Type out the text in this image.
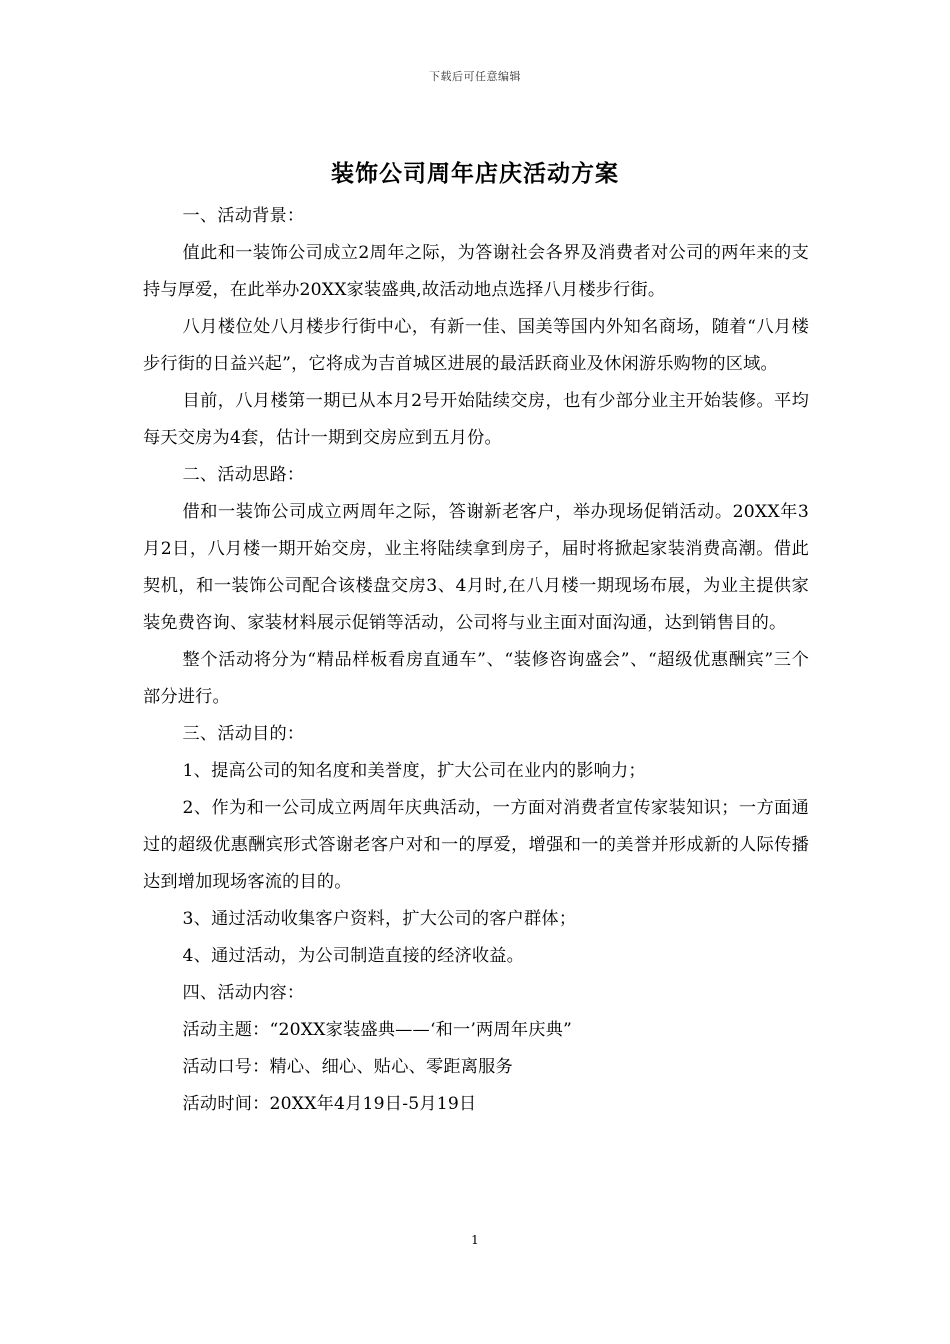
下载后可任意编辑
装饰公司周年店庆活动方案

一、活动背景：

值此和一装饰公司成立2周年之际，为答谢社会各界及消费者对公司的两年来的支持与厚爱，在此举办20XX家装盛典,故活动地点选择八月楼步行街。

八月楼位处八月楼步行街中心，有新一佳、国美等国内外知名商场，随着“八月楼步行街的日益兴起”，它将成为吉首城区进展的最活跃商业及休闲游乐购物的区域。

目前，八月楼第一期已从本月2号开始陆续交房，也有少部分业主开始装修。平均每天交房为4套，估计一期到交房应到五月份。

二、活动思路：

借和一装饰公司成立两周年之际，答谢新老客户，举办现场促销活动。20XX年3月2日，八月楼一期开始交房，业主将陆续拿到房子，届时将掀起家装消费高潮。借此契机，和一装饰公司配合该楼盘交房3、4月时,在八月楼一期现场布展，为业主提供家装免费咨询、家装材料展示促销等活动，公司将与业主面对面沟通，达到销售目的。

整个活动将分为“精品样板看房直通车”、“装修咨询盛会”、“超级优惠酬宾”三个部分进行。

三、活动目的：

1、提高公司的知名度和美誉度，扩大公司在业内的影响力；

2、作为和一公司成立两周年庆典活动，一方面对消费者宣传家装知识；一方面通过的超级优惠酬宾形式答谢老客户对和一的厚爱，增强和一的美誉并形成新的人际传播达到增加现场客流的目的。

3、通过活动收集客户资料，扩大公司的客户群体；

4、通过活动，为公司制造直接的经济收益。

四、活动内容：

活动主题：“20XX家装盛典——‘和一’两周年庆典”

活动口号：精心、细心、贴心、零距离服务

活动时间：20XX年4月19日-5月19日

1
